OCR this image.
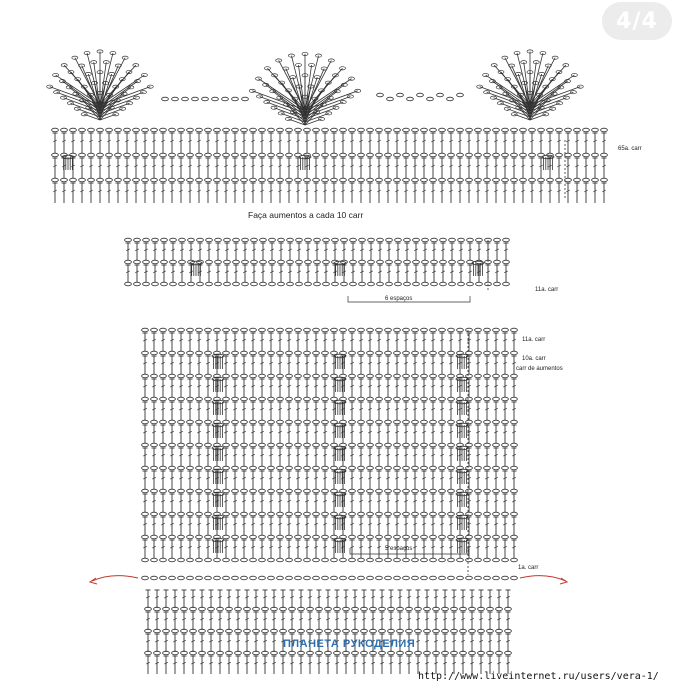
65a. carr
Faça aumentos a cada 10 carr
11a. carr
6 espaços
11a. carr
10a. carr
carr de aumentos
5 espaços
1a. carr
4/4
ПЛАНЕТА РУКОДЕЛИЯ
http://www.liveinternet.ru/users/vera-1/
